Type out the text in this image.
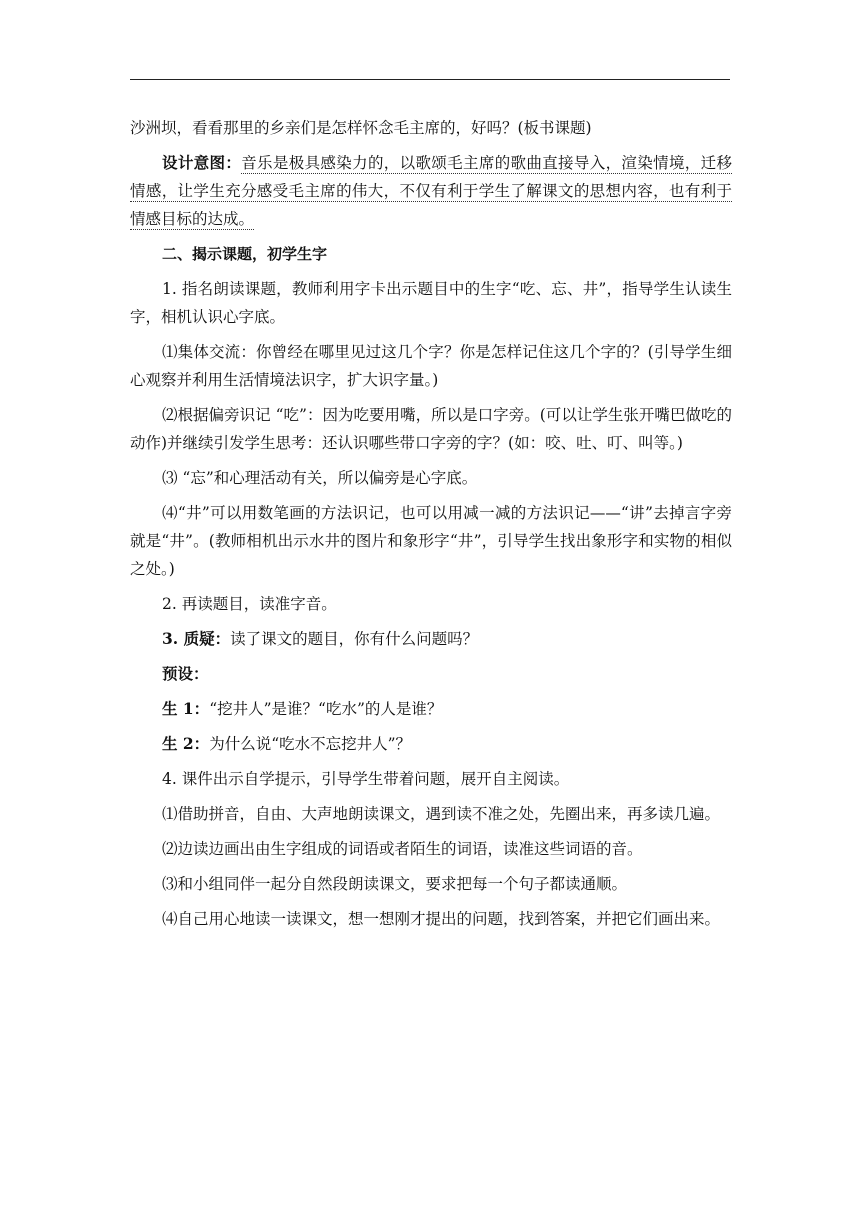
沙洲坝，看看那里的乡亲们是怎样怀念毛主席的，好吗？(板书课题)

设计意图：音乐是极具感染力的，以歌颂毛主席的歌曲直接导入，渲染情境，迁移情感，让学生充分感受毛主席的伟大，不仅有利于学生了解课文的思想内容，也有利于情感目标的达成。

二、揭示课题，初学生字

1. 指名朗读课题，教师利用字卡出示题目中的生字“吃、忘、井”，指导学生认读生字，相机认识心字底。

⑴集体交流：你曾经在哪里见过这几个字？你是怎样记住这几个字的？(引导学生细心观察并利用生活情境法识字，扩大识字量。)

⑵根据偏旁识记 “吃”：因为吃要用嘴，所以是口字旁。(可以让学生张开嘴巴做吃的动作)并继续引发学生思考：还认识哪些带口字旁的字？(如：咬、吐、叮、叫等。)

⑶ “忘”和心理活动有关，所以偏旁是心字底。

⑷“井”可以用数笔画的方法识记，也可以用减一减的方法识记——“讲”去掉言字旁就是“井”。(教师相机出示水井的图片和象形字“井”，引导学生找出象形字和实物的相似之处。)

2. 再读题目，读准字音。

3. 质疑：读了课文的题目，你有什么问题吗？

预设：

生 1：“挖井人”是谁？“吃水”的人是谁？

生 2：为什么说“吃水不忘挖井人”？

4. 课件出示自学提示，引导学生带着问题，展开自主阅读。

⑴借助拼音，自由、大声地朗读课文，遇到读不准之处，先圈出来，再多读几遍。

⑵边读边画出由生字组成的词语或者陌生的词语，读准这些词语的音。

⑶和小组同伴一起分自然段朗读课文，要求把每一个句子都读通顺。

⑷自己用心地读一读课文，想一想刚才提出的问题，找到答案，并把它们画出来。
